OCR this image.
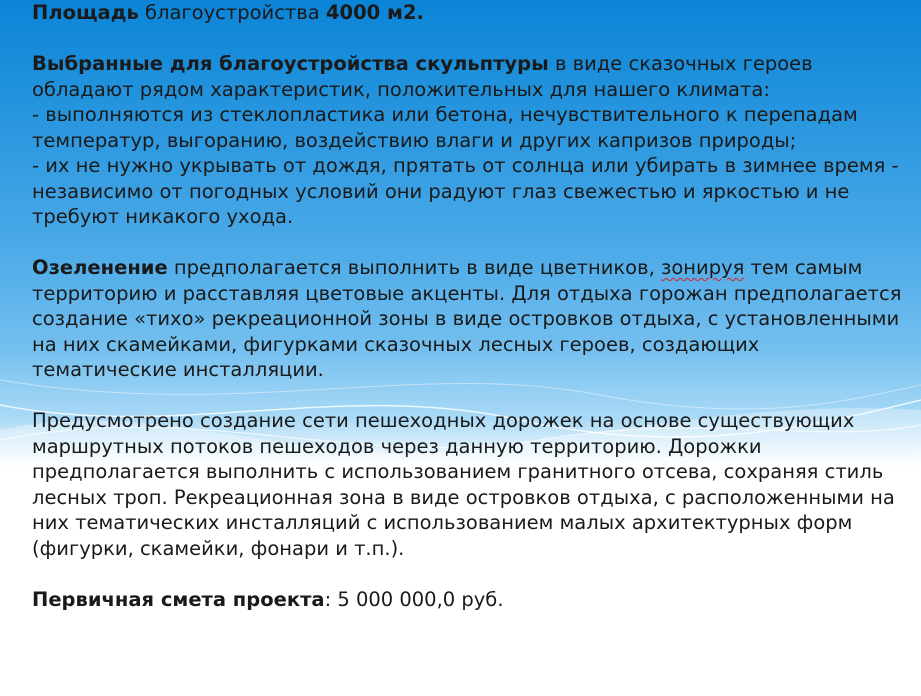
Площадь благоустройства 4000 м2.

Выбранные для благоустройства скульптуры в виде сказочных героев обладают рядом характеристик, положительных для нашего климата:

- выполняются из стеклопластика или бетона, нечувствительного к перепадам температур, выгоранию, воздействию влаги и других капризов природы;

- их не нужно укрывать от дождя, прятать от солнца или убирать в зимнее время - независимо от погодных условий они радуют глаз свежестью и яркостью и не требуют никакого ухода.

Озеленение предполагается выполнить в виде цветников, зонируя тем самым территорию и расставляя цветовые акценты. Для отдыха горожан предполагается создание «тихо» рекреационной зоны в виде островков отдыха, с установленными на них скамейками, фигурками сказочных лесных героев, создающих тематические инсталляции.

Предусмотрено создание сети пешеходных дорожек на основе существующих маршрутных потоков пешеходов через данную территорию. Дорожки предполагается выполнить с использованием гранитного отсева, сохраняя стиль лесных троп. Рекреационная зона в виде островков отдыха, с расположенными на них тематических инсталляций с использованием малых архитектурных форм (фигурки, скамейки, фонари и т.п.).

Первичная смета проекта: 5 000 000,0 руб.
